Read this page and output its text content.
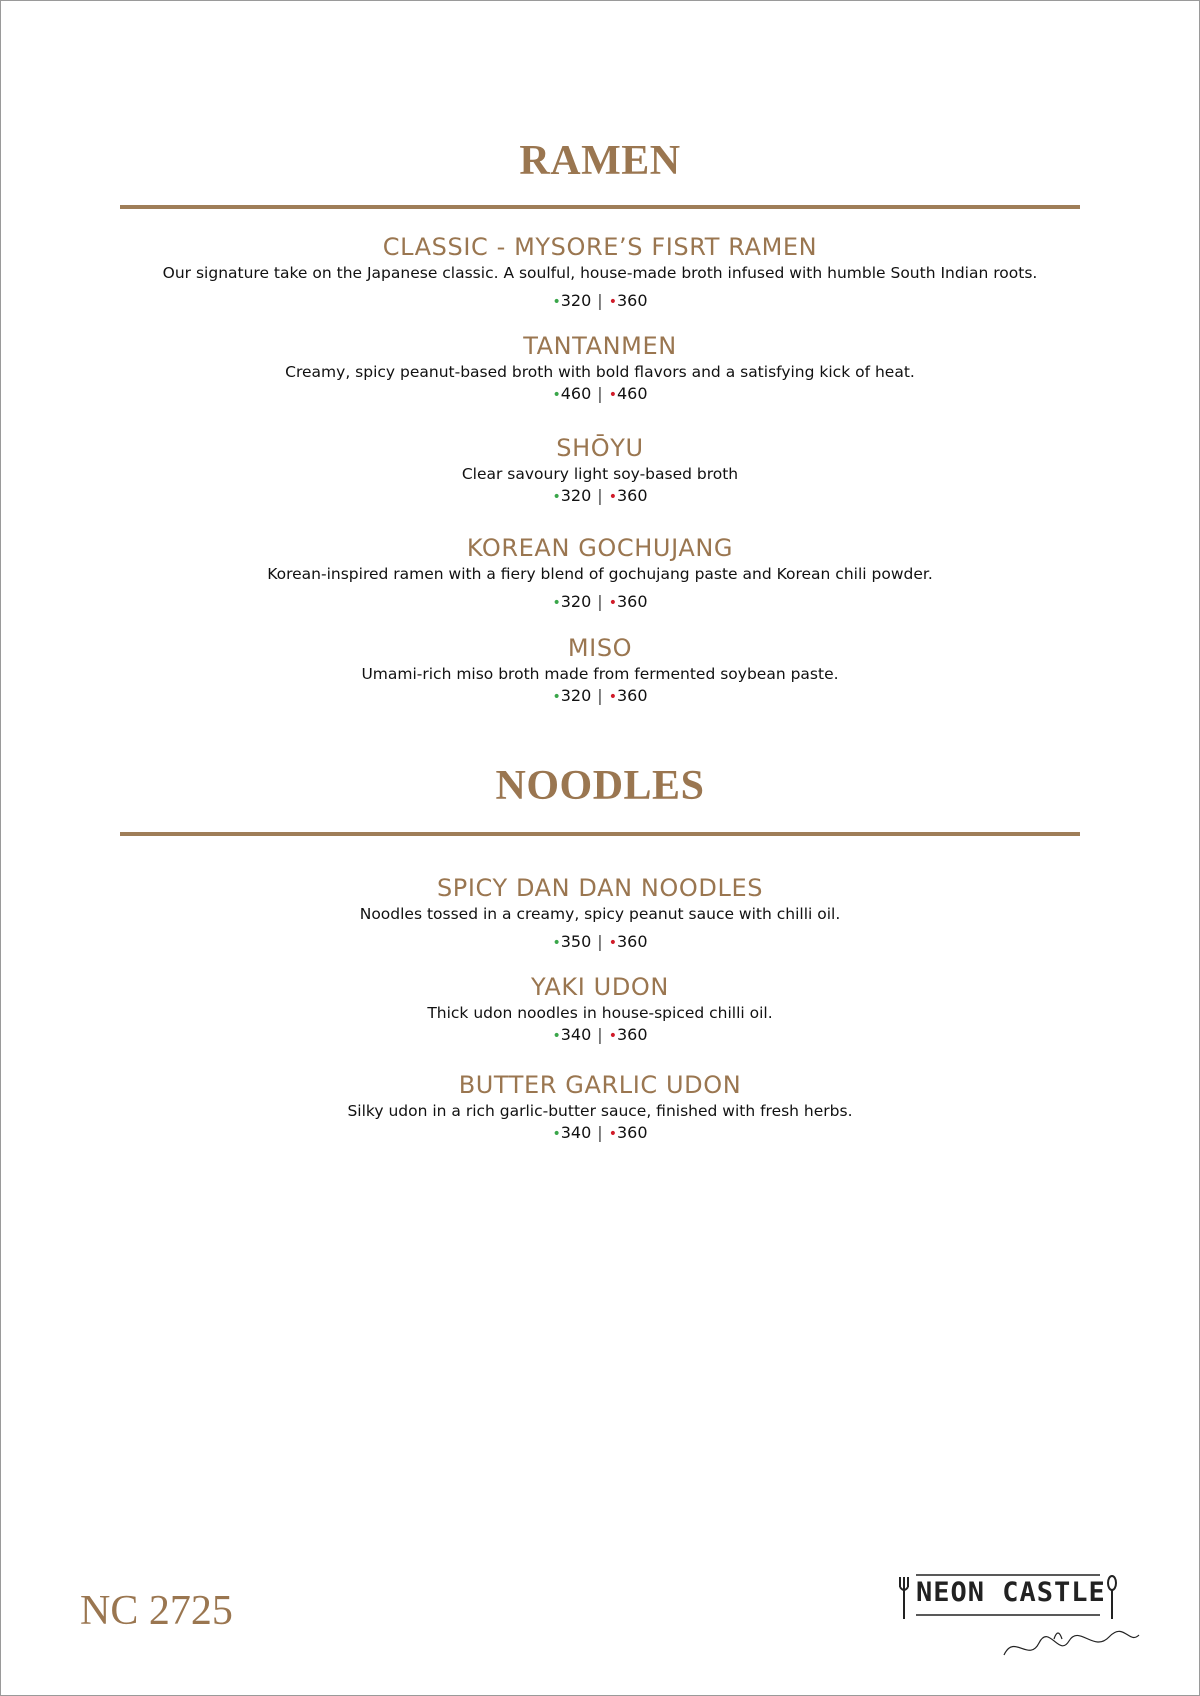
RAMEN
CLASSIC - MYSORE’S FISRT RAMEN
Our signature take on the Japanese classic. A soulful, house-made broth infused with humble South Indian roots.
•320 | •360
TANTANMEN
Creamy, spicy peanut-based broth with bold flavors and a satisfying kick of heat.
•460 | •460
SHŌYU
Clear savoury light soy-based broth
•320 | •360
KOREAN GOCHUJANG
Korean-inspired ramen with a fiery blend of gochujang paste and Korean chili powder.
•320 | •360
MISO
Umami-rich miso broth made from fermented soybean paste.
•320 | •360
NOODLES
SPICY DAN DAN NOODLES
Noodles tossed in a creamy, spicy peanut sauce with chilli oil.
•350 | •360
YAKI UDON
Thick udon noodles in house-spiced chilli oil.
•340 | •360
BUTTER GARLIC UDON
Silky udon in a rich garlic-butter sauce, finished with fresh herbs.
•340 | •360
NC 2725	NEON CASTLE
